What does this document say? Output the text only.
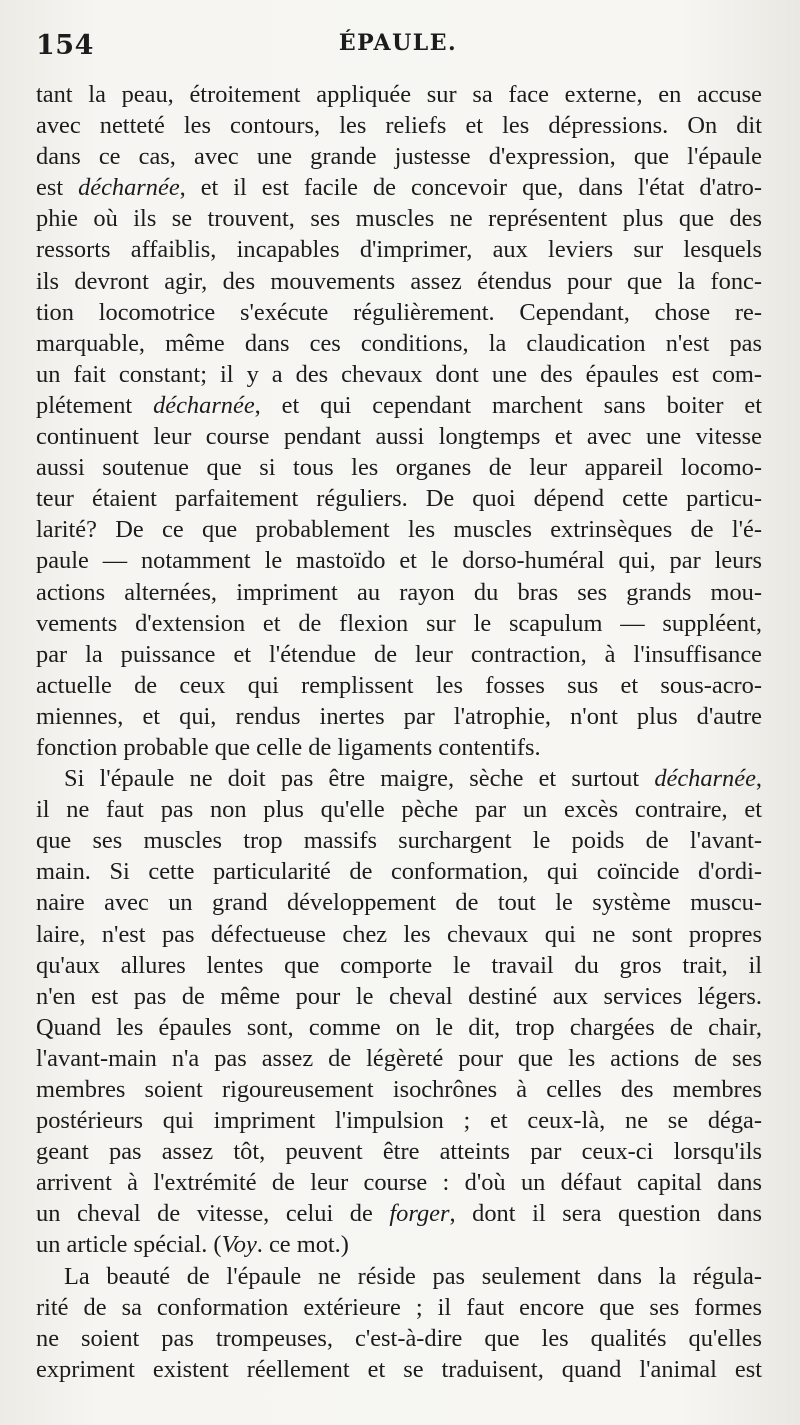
154	ÉPAULE.
tant la peau, étroitement appliquée sur sa face externe, en accuse
avec netteté les contours, les reliefs et les dépressions. On dit
dans ce cas, avec une grande justesse d'expression, que l'épaule
est décharnée, et il est facile de concevoir que, dans l'état d'atro-
phie où ils se trouvent, ses muscles ne représentent plus que des
ressorts affaiblis, incapables d'imprimer, aux leviers sur lesquels
ils devront agir, des mouvements assez étendus pour que la fonc-
tion locomotrice s'exécute régulièrement. Cependant, chose re-
marquable, même dans ces conditions, la claudication n'est pas
un fait constant; il y a des chevaux dont une des épaules est com-
plétement décharnée, et qui cependant marchent sans boiter et
continuent leur course pendant aussi longtemps et avec une vitesse
aussi soutenue que si tous les organes de leur appareil locomo-
teur étaient parfaitement réguliers. De quoi dépend cette particu-
larité? De ce que probablement les muscles extrinsèques de l'é-
paule — notamment le mastoïdo et le dorso-huméral qui, par leurs
actions alternées, impriment au rayon du bras ses grands mou-
vements d'extension et de flexion sur le scapulum — suppléent,
par la puissance et l'étendue de leur contraction, à l'insuffisance
actuelle de ceux qui remplissent les fosses sus et sous-acro-
miennes, et qui, rendus inertes par l'atrophie, n'ont plus d'autre
fonction probable que celle de ligaments contentifs.
Si l'épaule ne doit pas être maigre, sèche et surtout décharnée,
il ne faut pas non plus qu'elle pèche par un excès contraire, et
que ses muscles trop massifs surchargent le poids de l'avant-
main. Si cette particularité de conformation, qui coïncide d'ordi-
naire avec un grand développement de tout le système muscu-
laire, n'est pas défectueuse chez les chevaux qui ne sont propres
qu'aux allures lentes que comporte le travail du gros trait, il
n'en est pas de même pour le cheval destiné aux services légers.
Quand les épaules sont, comme on le dit, trop chargées de chair,
l'avant-main n'a pas assez de légèreté pour que les actions de ses
membres soient rigoureusement isochrônes à celles des membres
postérieurs qui impriment l'impulsion ; et ceux-là, ne se déga-
geant pas assez tôt, peuvent être atteints par ceux-ci lorsqu'ils
arrivent à l'extrémité de leur course : d'où un défaut capital dans
un cheval de vitesse, celui de forger, dont il sera question dans
un article spécial. (Voy. ce mot.)
La beauté de l'épaule ne réside pas seulement dans la régula-
rité de sa conformation extérieure ; il faut encore que ses formes
ne soient pas trompeuses, c'est-à-dire que les qualités qu'elles
expriment existent réellement et se traduisent, quand l'animal est
